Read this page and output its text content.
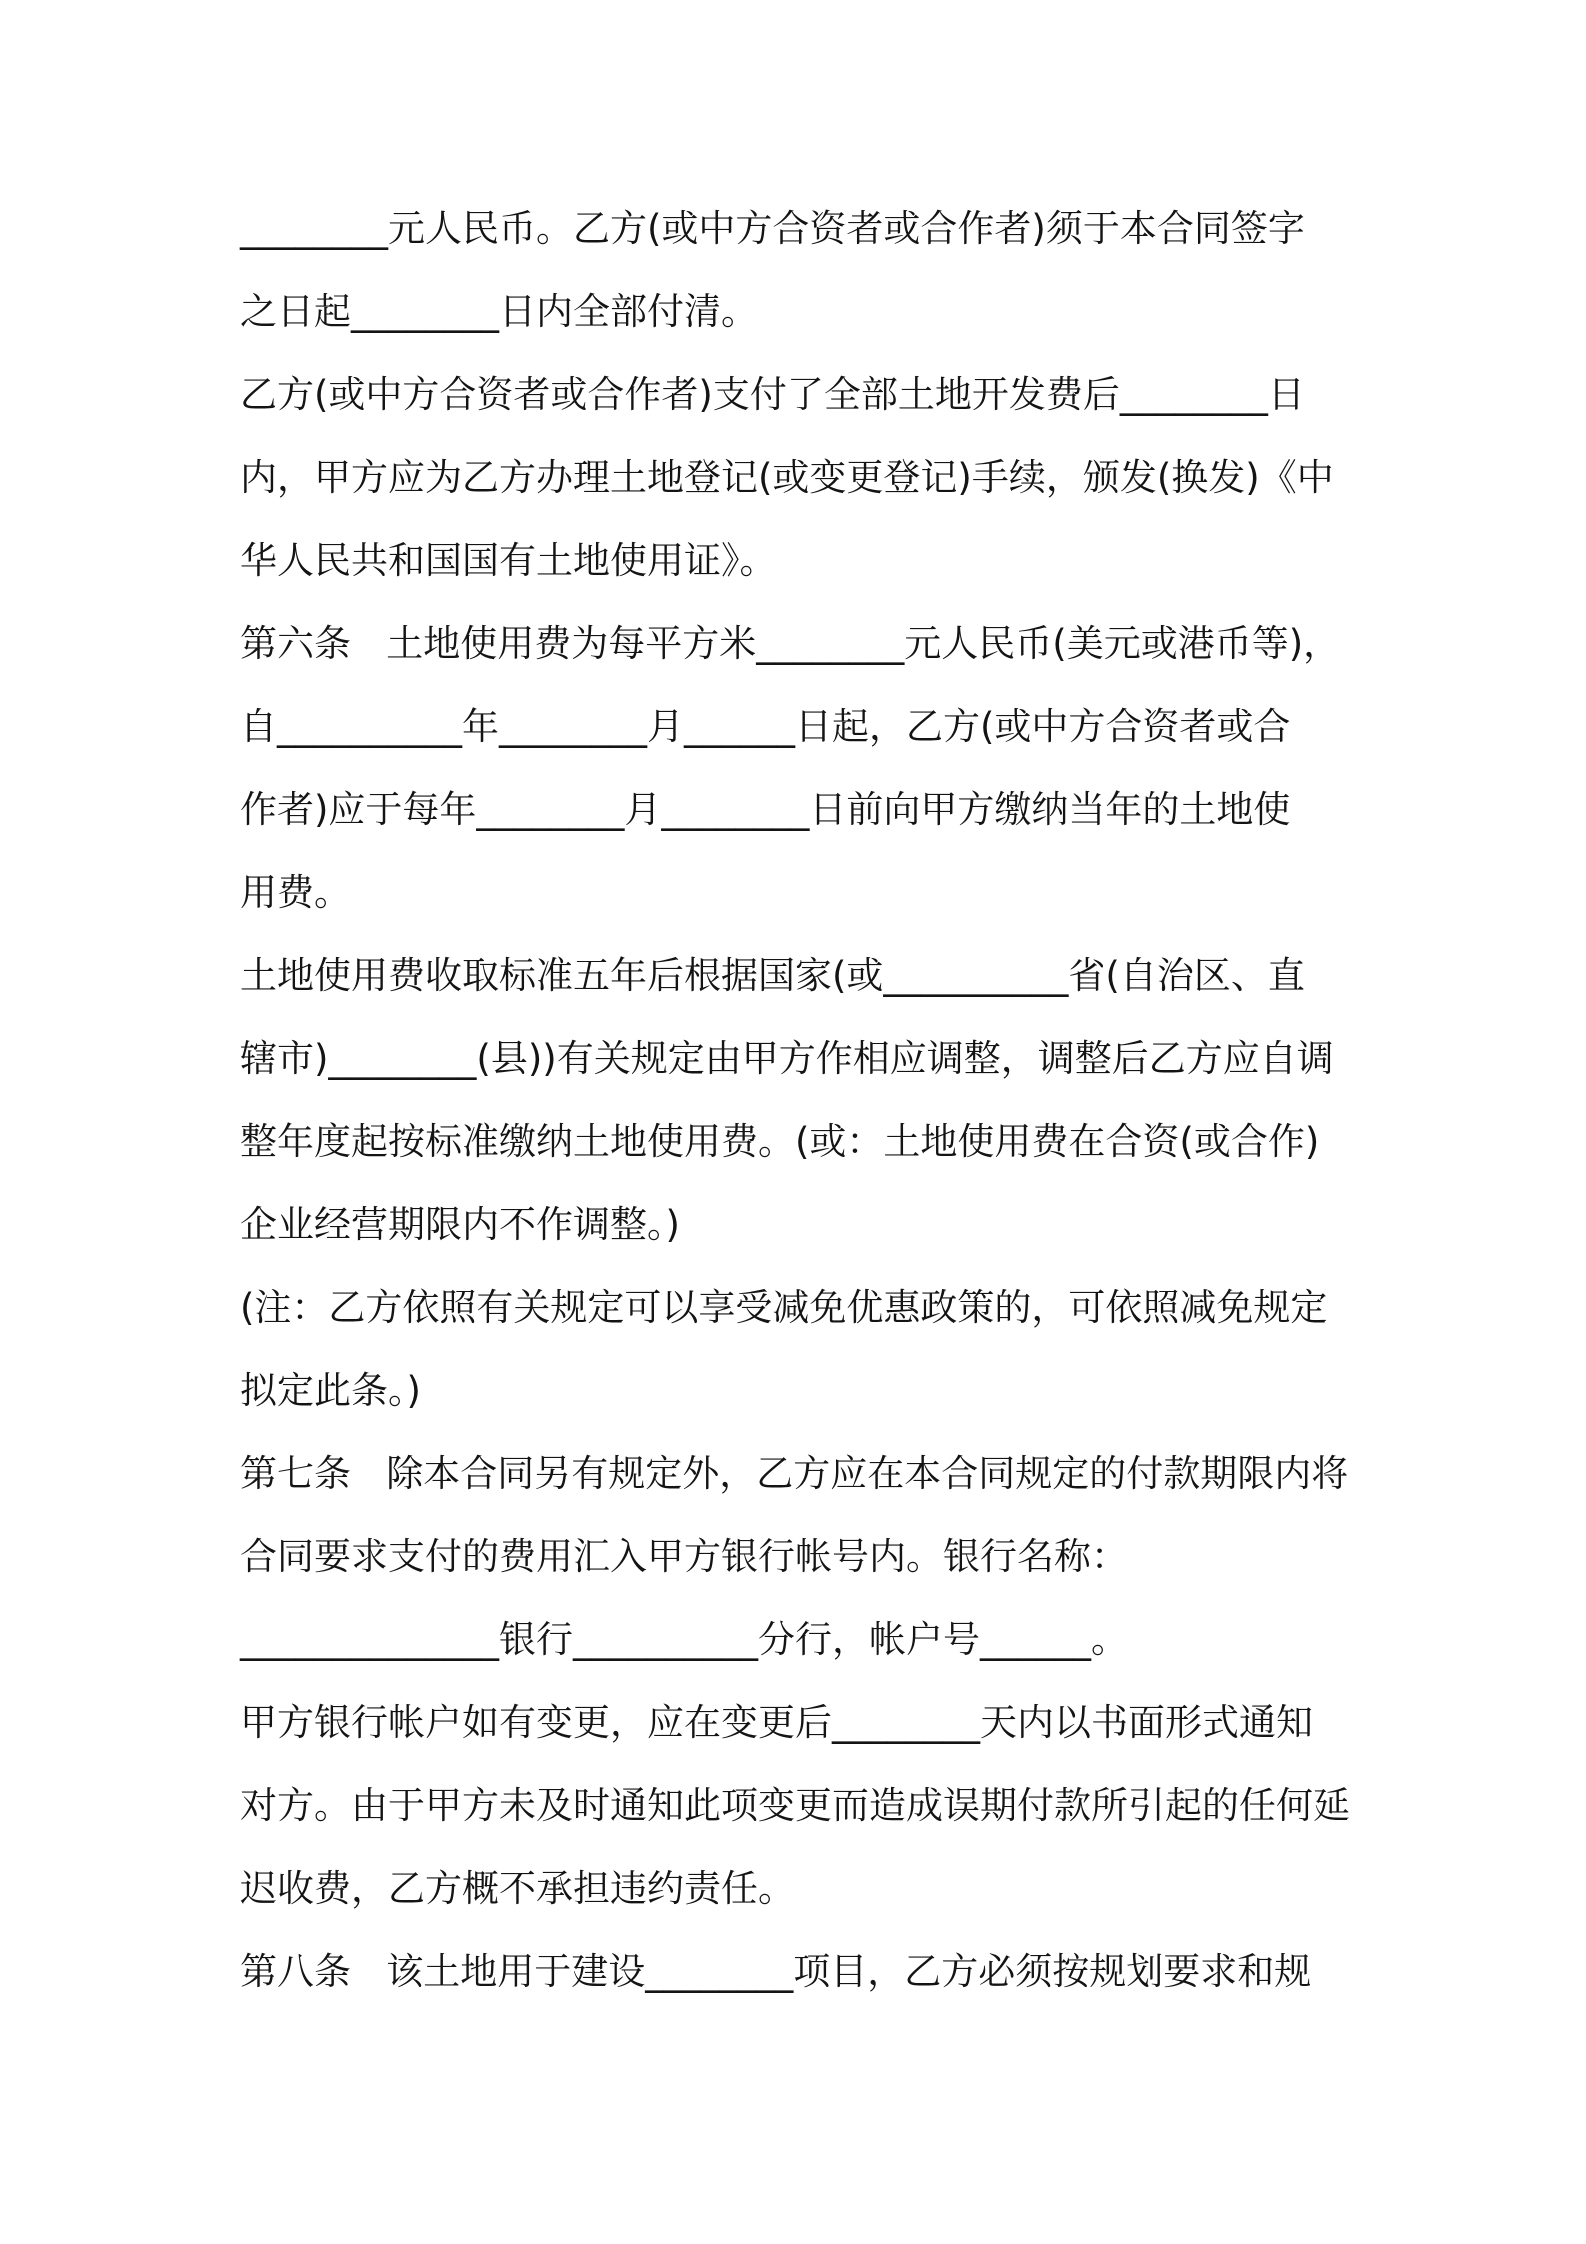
________元人民币。乙方(或中方合资者或合作者)须于本合同签字

之日起________日内全部付清。

乙方(或中方合资者或合作者)支付了全部土地开发费后________日

内，甲方应为乙方办理土地登记(或变更登记)手续，颁发(换发)《中

华人民共和国国有土地使用证》。

第六条   土地使用费为每平方米________元人民币(美元或港币等)，

自__________年________月______日起，乙方(或中方合资者或合

作者)应于每年________月________日前向甲方缴纳当年的土地使

用费。

土地使用费收取标准五年后根据国家(或__________省(自治区、直

辖市)________(县))有关规定由甲方作相应调整，调整后乙方应自调

整年度起按标准缴纳土地使用费。(或：土地使用费在合资(或合作)

企业经营期限内不作调整。)

(注：乙方依照有关规定可以享受减免优惠政策的，可依照减免规定

拟定此条。)

第七条   除本合同另有规定外，乙方应在本合同规定的付款期限内将

合同要求支付的费用汇入甲方银行帐号内。银行名称：

______________银行__________分行，帐户号______。

甲方银行帐户如有变更，应在变更后________天内以书面形式通知

对方。由于甲方未及时通知此项变更而造成误期付款所引起的任何延

迟收费，乙方概不承担违约责任。

第八条   该土地用于建设________项目，乙方必须按规划要求和规
